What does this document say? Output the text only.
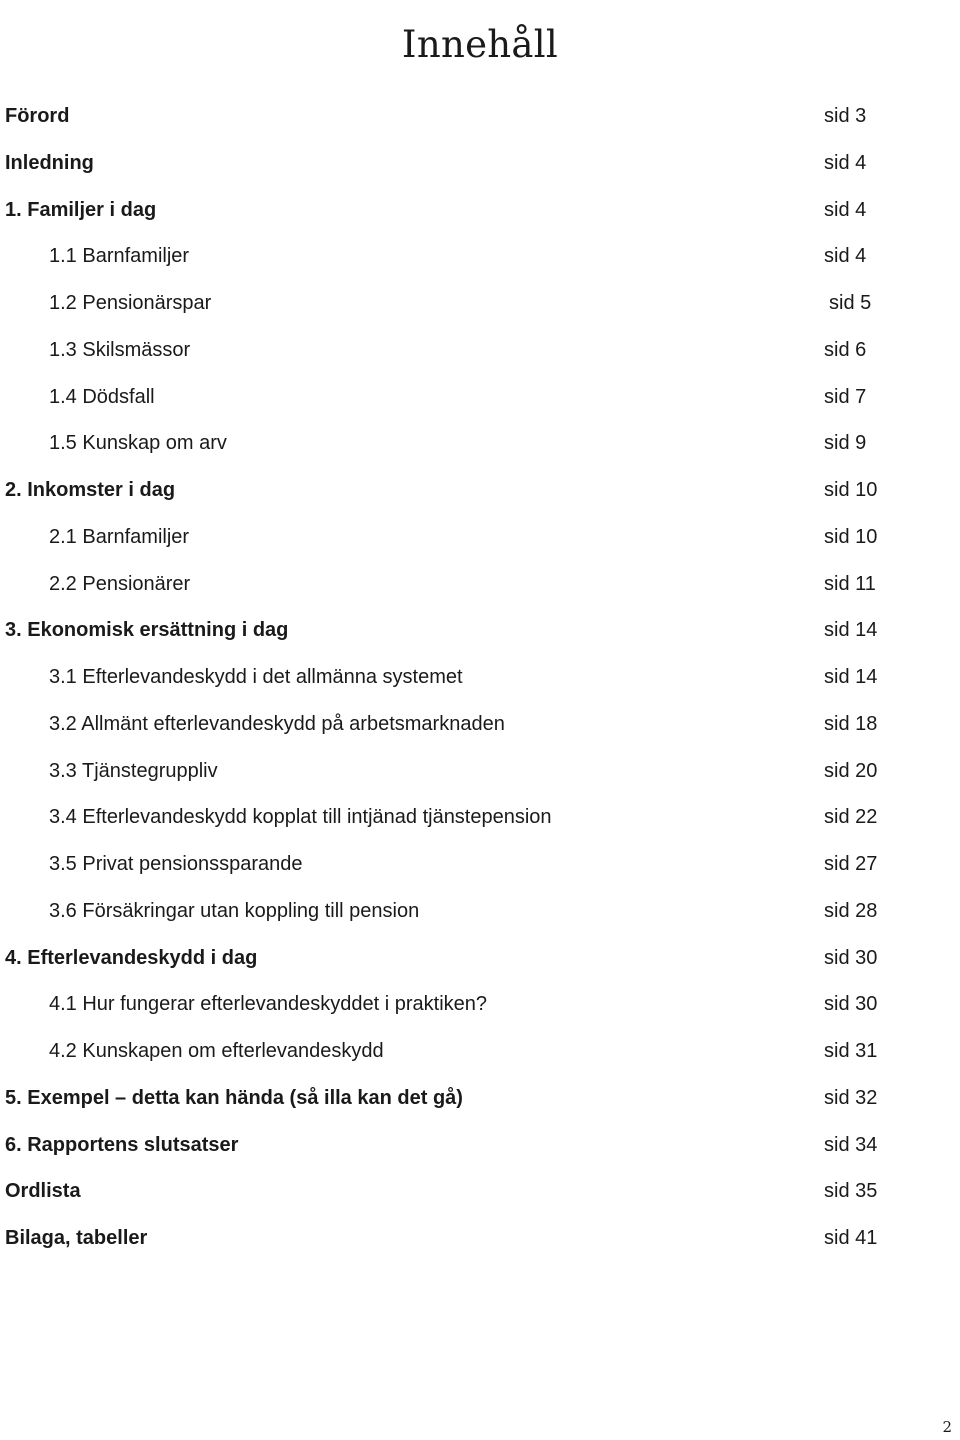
Innehåll
Förord	sid 3
Inledning	sid 4
1. Familjer i dag	sid 4
1.1 Barnfamiljer	sid 4
1.2 Pensionärspar	sid 5
1.3 Skilsmässor	sid 6
1.4 Dödsfall	sid 7
1.5 Kunskap om arv	sid 9
2. Inkomster i dag	sid 10
2.1 Barnfamiljer	sid 10
2.2 Pensionärer	sid 11
3. Ekonomisk ersättning i dag	sid 14
3.1 Efterlevandeskydd i det allmänna systemet	sid 14
3.2 Allmänt efterlevandeskydd på arbetsmarknaden	sid 18
3.3 Tjänstegruppliv	sid 20
3.4 Efterlevandeskydd kopplat till intjänad tjänstepension	sid 22
3.5 Privat pensionssparande	sid 27
3.6 Försäkringar utan koppling till pension	sid 28
4. Efterlevandeskydd i dag	sid 30
4.1 Hur fungerar efterlevandeskyddet i praktiken?	sid 30
4.2 Kunskapen om efterlevandeskydd	sid 31
5. Exempel – detta kan hända (så illa kan det gå)	sid 32
6. Rapportens slutsatser	sid 34
Ordlista	sid 35
Bilaga, tabeller	sid 41
2
